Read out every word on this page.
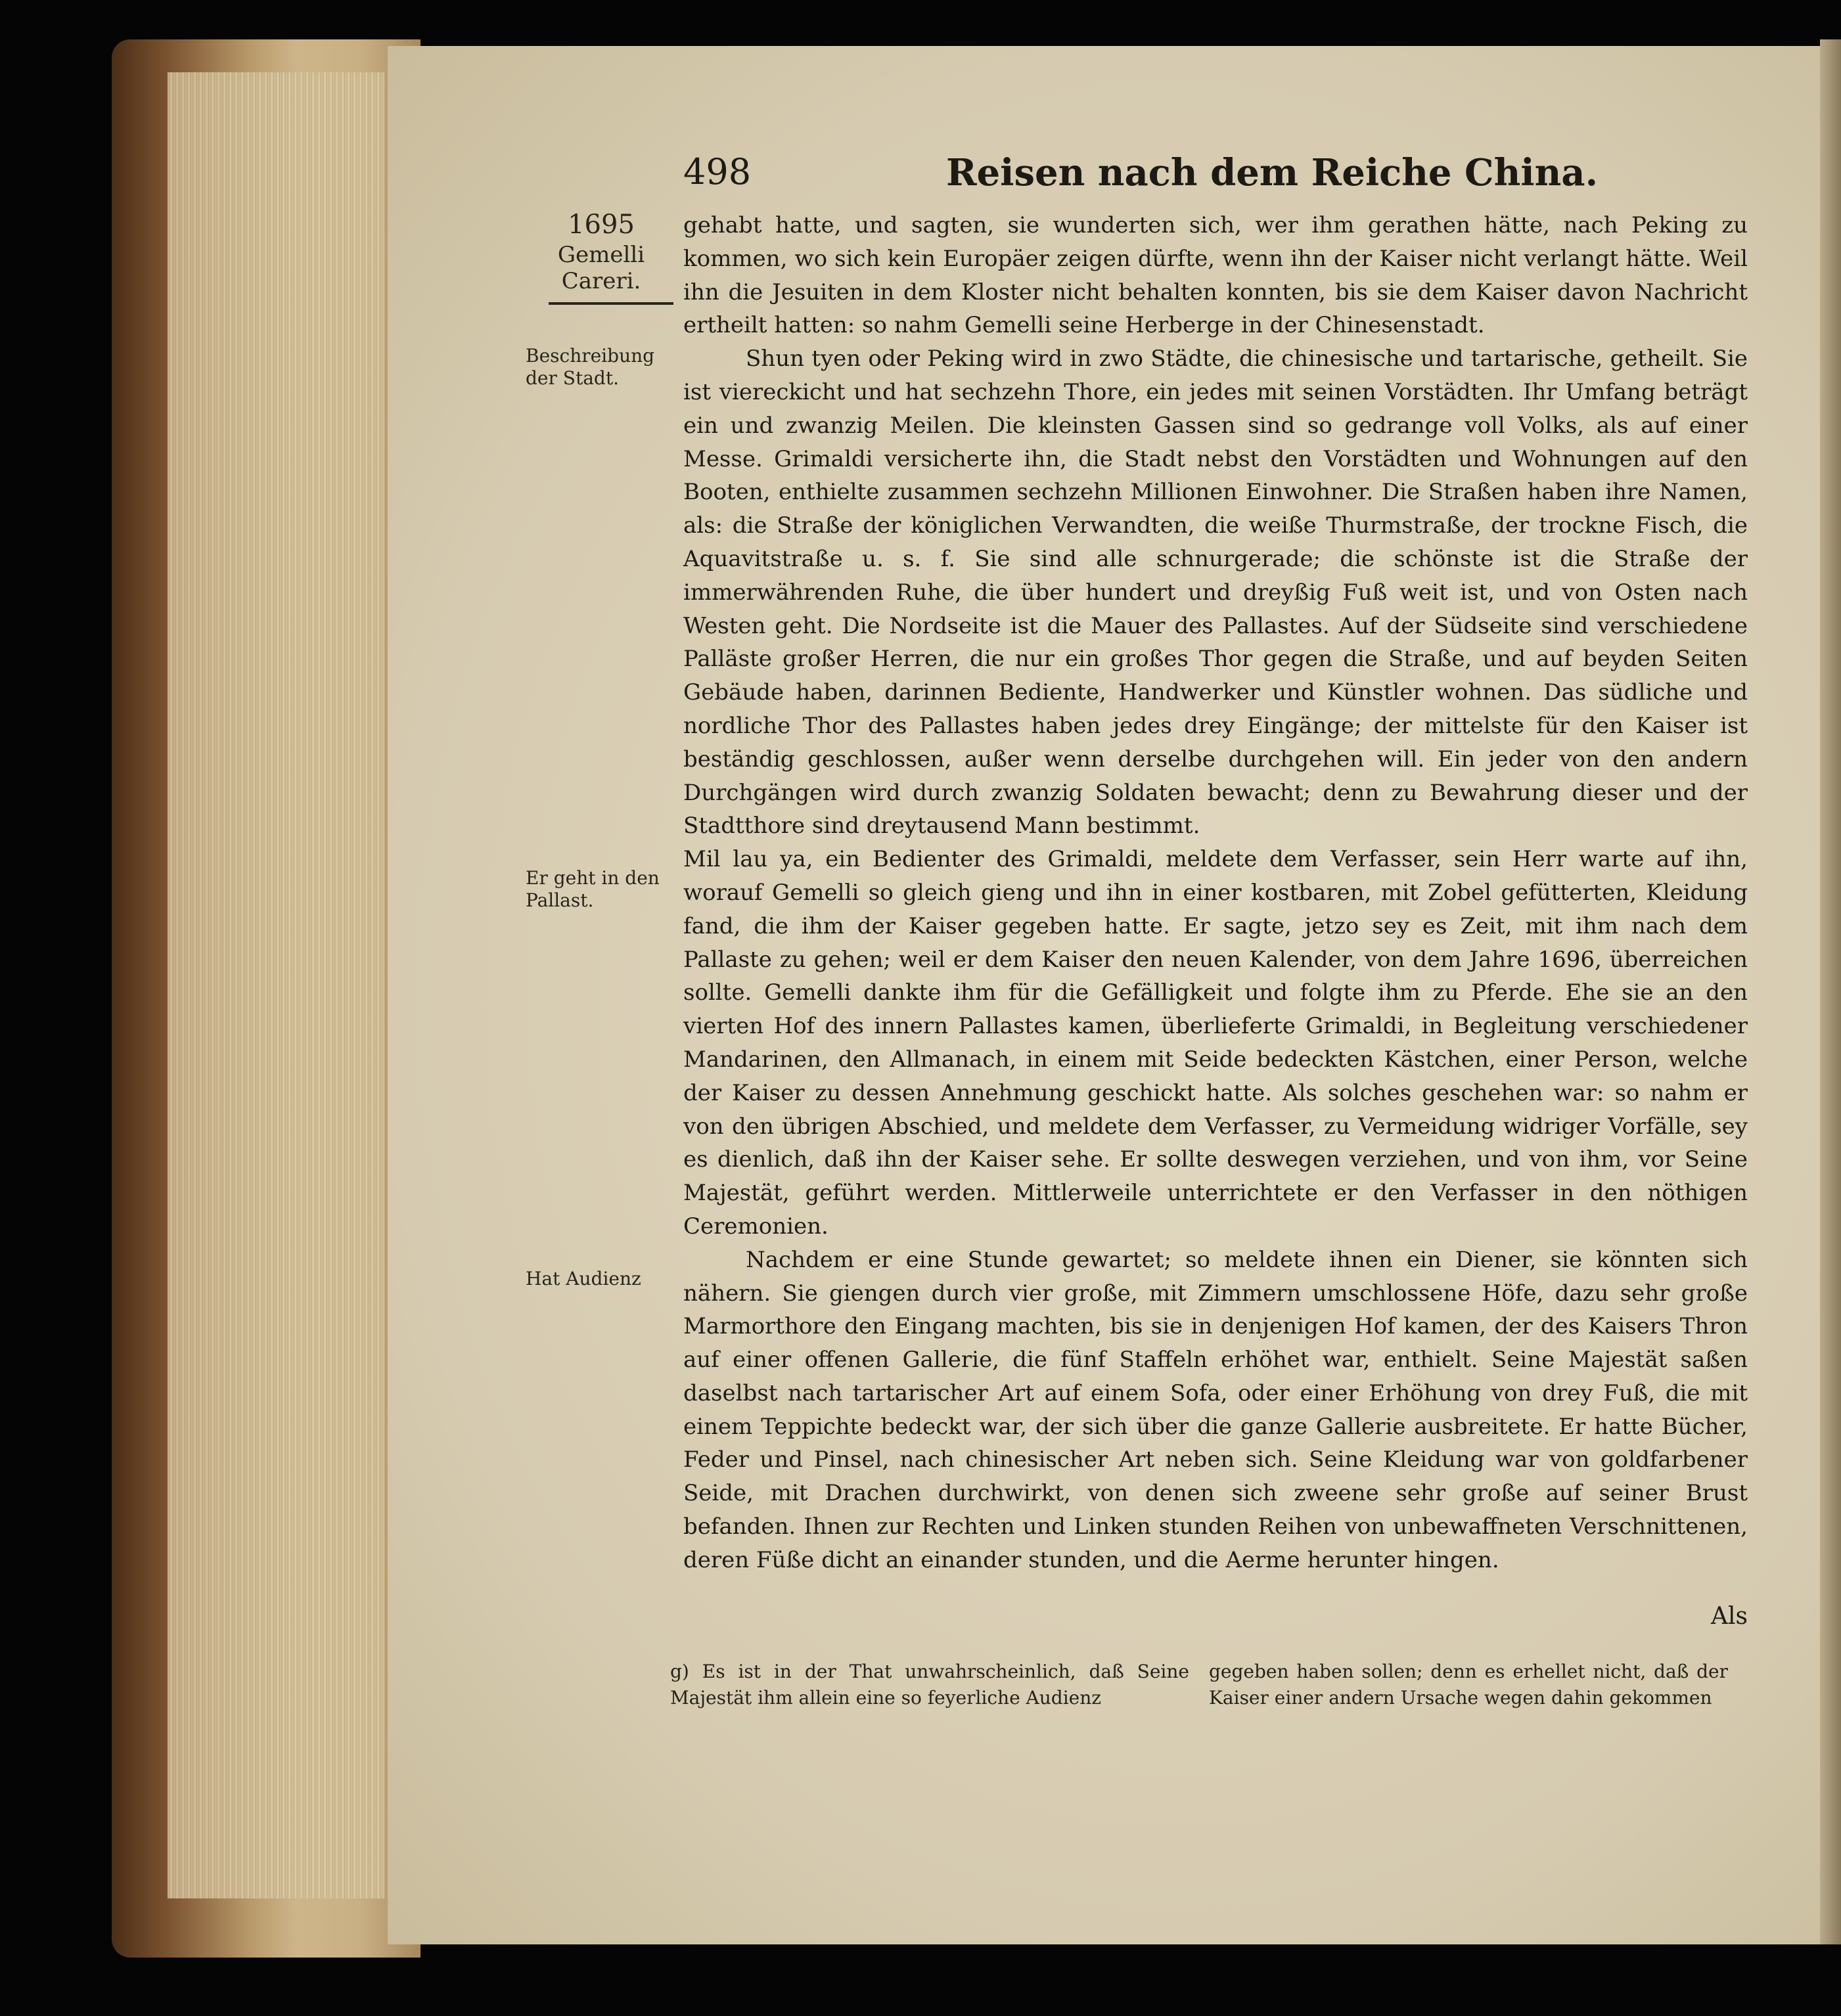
498	Reisen nach dem Reiche China.
1695
Gemelli Careri.
Beschreibung der Stadt.
Er geht in den Pallast.
Hat Audienz

gehabt hatte, und sagten, sie wunderten sich, wer ihm gerathen hätte, nach Peking zu kommen, wo sich kein Europäer zeigen dürfte, wenn ihn der Kaiser nicht verlangt hätte. Weil ihn die Jesuiten in dem Kloster nicht behalten konnten, bis sie dem Kaiser davon Nachricht ertheilt hatten: so nahm Gemelli seine Herberge in der Chinesenstadt.

Shun tyen oder Peking wird in zwo Städte, die chinesische und tartarische, getheilt. Sie ist viereckicht und hat sechzehn Thore, ein jedes mit seinen Vorstädten. Ihr Umfang beträgt ein und zwanzig Meilen. Die kleinsten Gassen sind so gedrange voll Volks, als auf einer Messe. Grimaldi versicherte ihn, die Stadt nebst den Vorstädten und Wohnungen auf den Booten, enthielte zusammen sechzehn Millionen Einwohner. Die Straßen haben ihre Namen, als: die Straße der königlichen Verwandten, die weiße Thurmstraße, der trockne Fisch, die Aquavitstraße u. s. f. Sie sind alle schnurgerade; die schönste ist die Straße der immerwährenden Ruhe, die über hundert und dreyßig Fuß weit ist, und von Osten nach Westen geht. Die Nordseite ist die Mauer des Pallastes. Auf der Südseite sind verschiedene Palläste großer Herren, die nur ein großes Thor gegen die Straße, und auf beyden Seiten Gebäude haben, darinnen Bediente, Handwerker und Künstler wohnen. Das südliche und nordliche Thor des Pallastes haben jedes drey Eingänge; der mittelste für den Kaiser ist beständig geschlossen, außer wenn derselbe durchgehen will. Ein jeder von den andern Durchgängen wird durch zwanzig Soldaten bewacht; denn zu Bewahrung dieser und der Stadtthore sind dreytausend Mann bestimmt.

Mil lau ya, ein Bedienter des Grimaldi, meldete dem Verfasser, sein Herr warte auf ihn, worauf Gemelli so gleich gieng und ihn in einer kostbaren, mit Zobel gefütterten, Kleidung fand, die ihm der Kaiser gegeben hatte. Er sagte, jetzo sey es Zeit, mit ihm nach dem Pallaste zu gehen; weil er dem Kaiser den neuen Kalender, von dem Jahre 1696, überreichen sollte. Gemelli dankte ihm für die Gefälligkeit und folgte ihm zu Pferde. Ehe sie an den vierten Hof des innern Pallastes kamen, überlieferte Grimaldi, in Begleitung verschiedener Mandarinen, den Allmanach, in einem mit Seide bedeckten Kästchen, einer Person, welche der Kaiser zu dessen Annehmung geschickt hatte. Als solches geschehen war: so nahm er von den übrigen Abschied, und meldete dem Verfasser, zu Vermeidung widriger Vorfälle, sey es dienlich, daß ihn der Kaiser sehe. Er sollte deswegen verziehen, und von ihm, vor Seine Majestät, geführt werden. Mittlerweile unterrichtete er den Verfasser in den nöthigen Ceremonien.

Nachdem er eine Stunde gewartet; so meldete ihnen ein Diener, sie könnten sich nähern. Sie giengen durch vier große, mit Zimmern umschlossene Höfe, dazu sehr große Marmorthore den Eingang machten, bis sie in denjenigen Hof kamen, der des Kaisers Thron auf einer offenen Gallerie, die fünf Staffeln erhöhet war, enthielt. Seine Majestät saßen daselbst nach tartarischer Art auf einem Sofa, oder einer Erhöhung von drey Fuß, die mit einem Teppichte bedeckt war, der sich über die ganze Gallerie ausbreitete. Er hatte Bücher, Feder und Pinsel, nach chinesischer Art neben sich. Seine Kleidung war von goldfarbener Seide, mit Drachen durchwirkt, von denen sich zweene sehr große auf seiner Brust befanden. Ihnen zur Rechten und Linken stunden Reihen von unbewaffneten Verschnittenen, deren Füße dicht an einander stunden, und die Aerme herunter hingen.

Als
g) Es ist in der That unwahrscheinlich, daß Seine Majestät ihm allein eine so feyerliche Audienz
gegeben haben sollen; denn es erhellet nicht, daß der Kaiser einer andern Ursache wegen dahin gekommen
